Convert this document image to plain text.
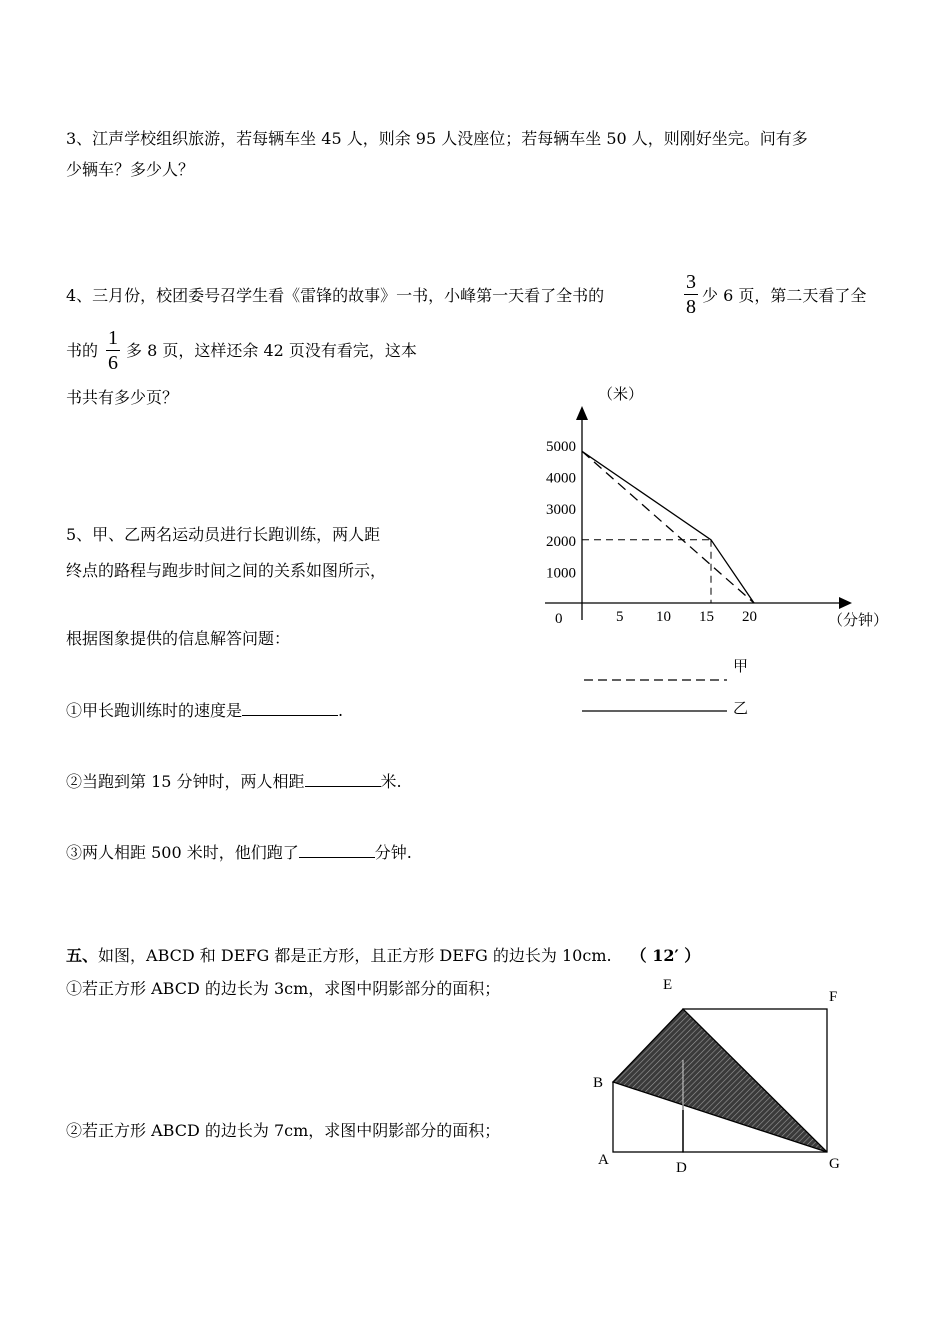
3、江声学校组织旅游，若每辆车坐 45 人，则余 95 人没座位；若每辆车坐 50 人，则刚好坐完。问有多
少辆车？多少人？
4、三月份，校团委号召学生看《雷锋的故事》一书，小峰第一天看了全书的
3
8
少 6 页，第二天看了全
书的
1
6
多 8 页，这样还余 42 页没有看完，这本
书共有多少页？
5、甲、乙两名运动员进行长跑训练，两人距
终点的路程与跑步时间之间的关系如图所示，
根据图象提供的信息解答问题：
①甲长跑训练时的速度是	.
②当跑到第 15 分钟时，两人相距	米.
③两人相距 500 米时，他们跑了	分钟.
（米）
（分钟）
0	5 10 15 20
1000
2000
3000
4000
5000
甲
乙
五、如图，ABCD 和 DEFG 都是正方形，且正方形 DEFG 的边长为 10cm. （ 12′ ）
①若正方形 ABCD 的边长为 3cm，求图中阴影部分的面积；
②若正方形 ABCD 的边长为 7cm，求图中阴影部分的面积；
E
F
B
A	D	G
